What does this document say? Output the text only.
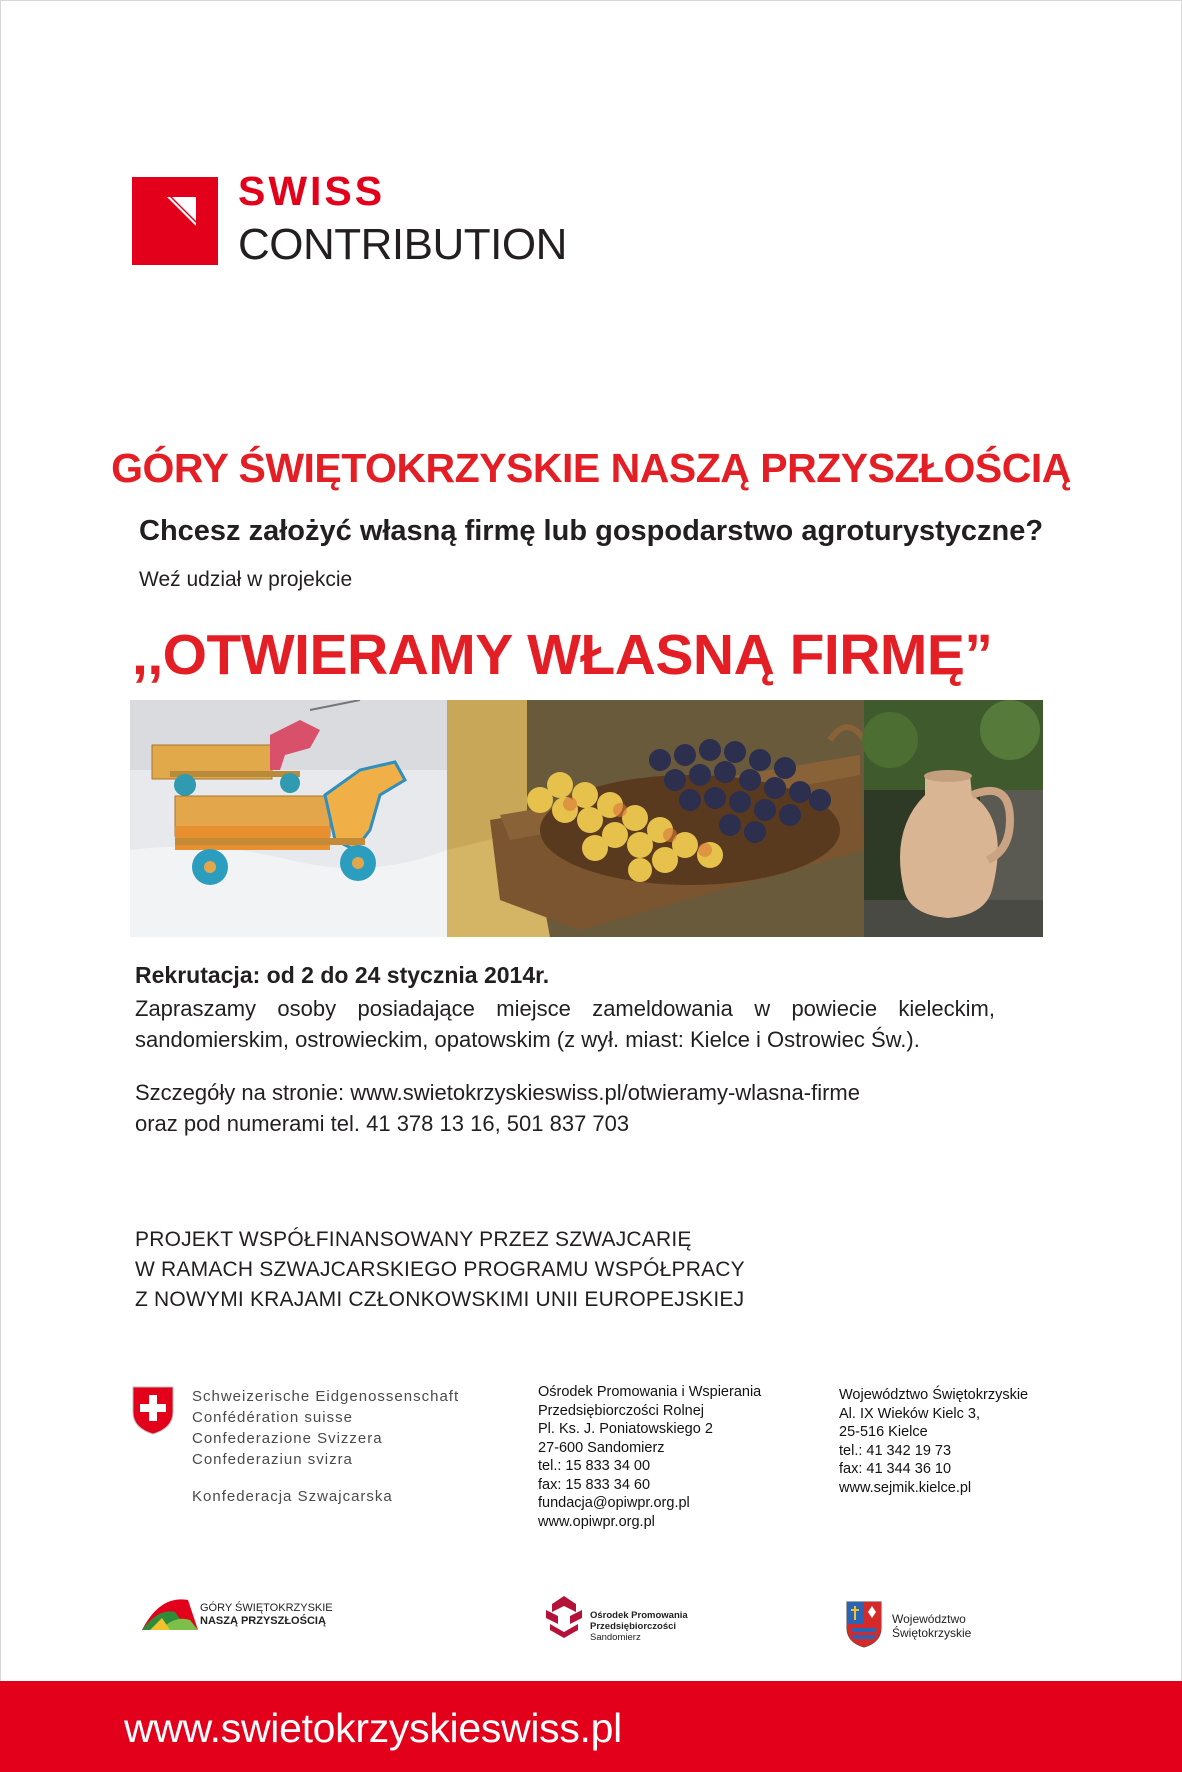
SWISS
CONTRIBUTION
GÓRY ŚWIĘTOKRZYSKIE NASZĄ PRZYSZŁOŚCIĄ
Chcesz założyć własną firmę lub gospodarstwo agroturystyczne?
Weź udział w projekcie
,,OTWIERAMY WŁASNĄ FIRMĘ”
Rekrutacja: od 2 do 24 stycznia 2014r.
Zapraszamy osoby posiadające miejsce zameldowania w powiecie kieleckim, sandomierskim, ostrowieckim, opatowskim (z wył. miast: Kielce i Ostrowiec Św.).
Szczegóły na stronie: www.swietokrzyskieswiss.pl/otwieramy-wlasna-firme
oraz pod numerami tel. 41 378 13 16, 501 837 703
PROJEKT WSPÓŁFINANSOWANY PRZEZ SZWAJCARIĘ
W RAMACH SZWAJCARSKIEGO PROGRAMU WSPÓŁPRACY
Z NOWYMI KRAJAMI CZŁONKOWSKIMI UNII EUROPEJSKIEJ
Schweizerische Eidgenossenschaft
Confédération suisse
Confederazione Svizzera
Confederaziun svizra
Konfederacja Szwajcarska
Ośrodek Promowania i Wspierania
Przedsiębiorczości Rolnej
Pl. Ks. J. Poniatowskiego 2
27-600 Sandomierz
tel.: 15 833 34 00
fax: 15 833 34 60
fundacja@opiwpr.org.pl
www.opiwpr.org.pl
Województwo Świętokrzyskie
Al. IX Wieków Kielc 3,
25-516 Kielce
tel.: 41 342 19 73
fax: 41 344 36 10
www.sejmik.kielce.pl
GÓRY ŚWIĘTOKRZYSKIE
NASZĄ PRZYSZŁOŚCIĄ	Ośrodek Promowania
Przedsiębiorczości
Sandomierz
Województwo
Świętokrzyskie
www.swietokrzyskieswiss.pl
